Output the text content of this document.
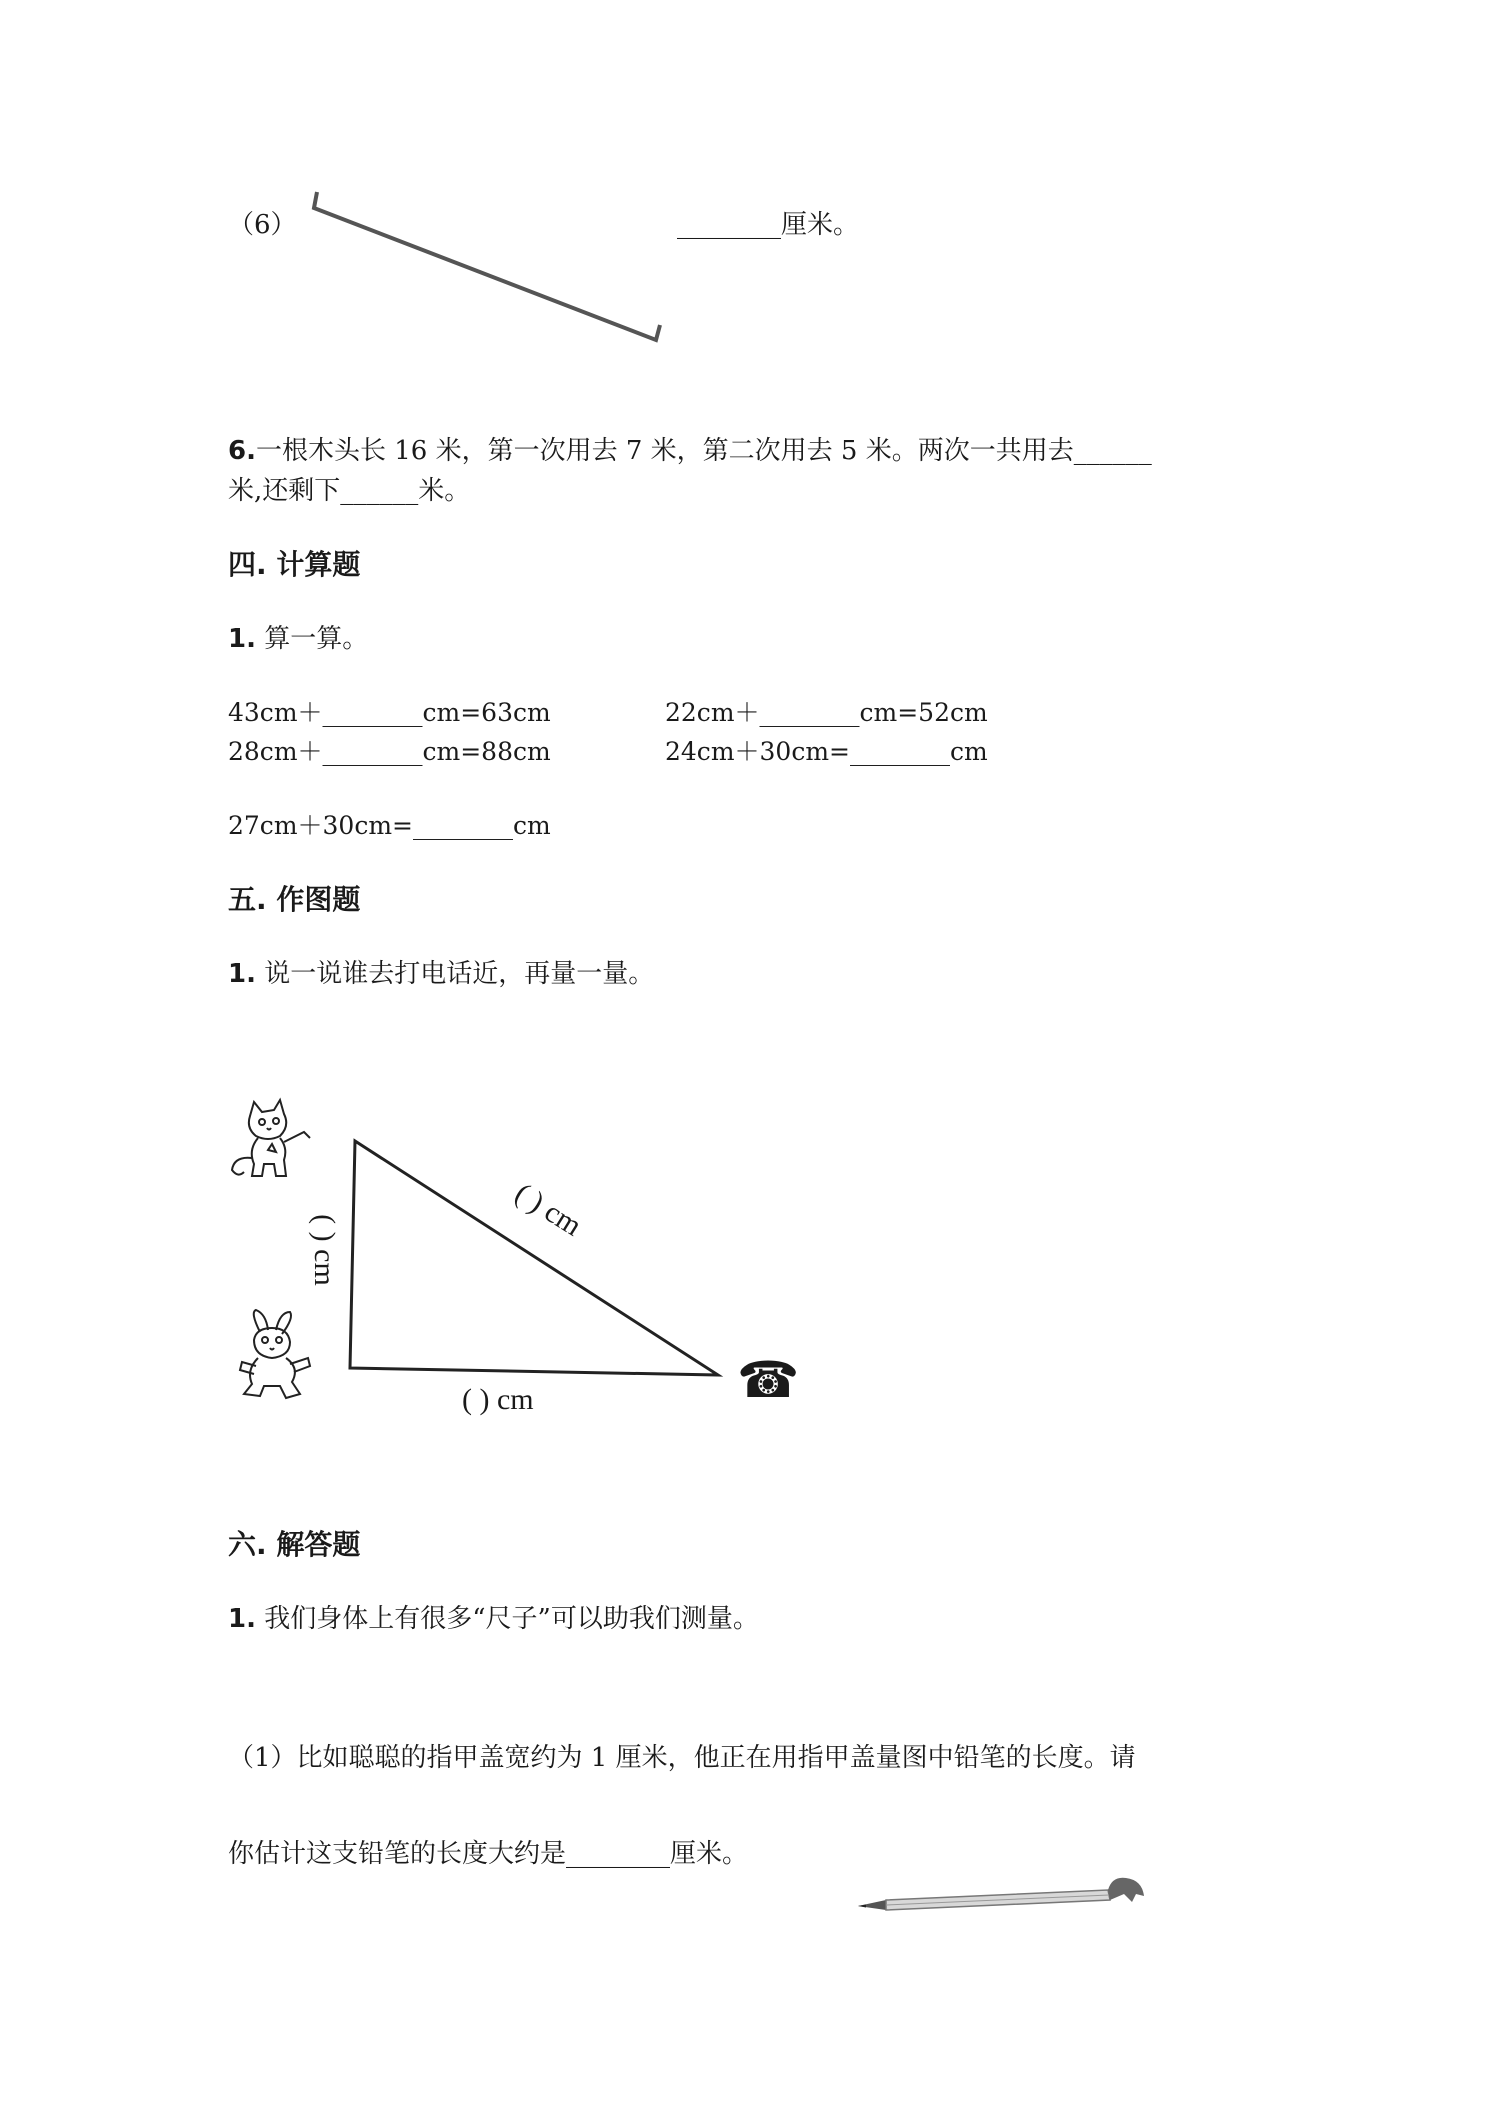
（6）	________厘米。
6.一根木头长 16 米，第一次用去 7 米，第二次用去 5 米。两次一共用去______
米,还剩下______米。
四. 计算题
1. 算一算。
43cm＋________cm=63cm	22cm＋________cm=52cm
28cm＋________cm=88cm	24cm＋30cm=________cm
27cm＋30cm=________cm
五. 作图题
1. 说一说谁去打电话近，再量一量。
☎
( ) cm
( ) cm
( ) cm
六. 解答题
1. 我们身体上有很多“尺子”可以助我们测量。
（1）比如聪聪的指甲盖宽约为 1 厘米，他正在用指甲盖量图中铅笔的长度。请
你估计这支铅笔的长度大约是________厘米。
